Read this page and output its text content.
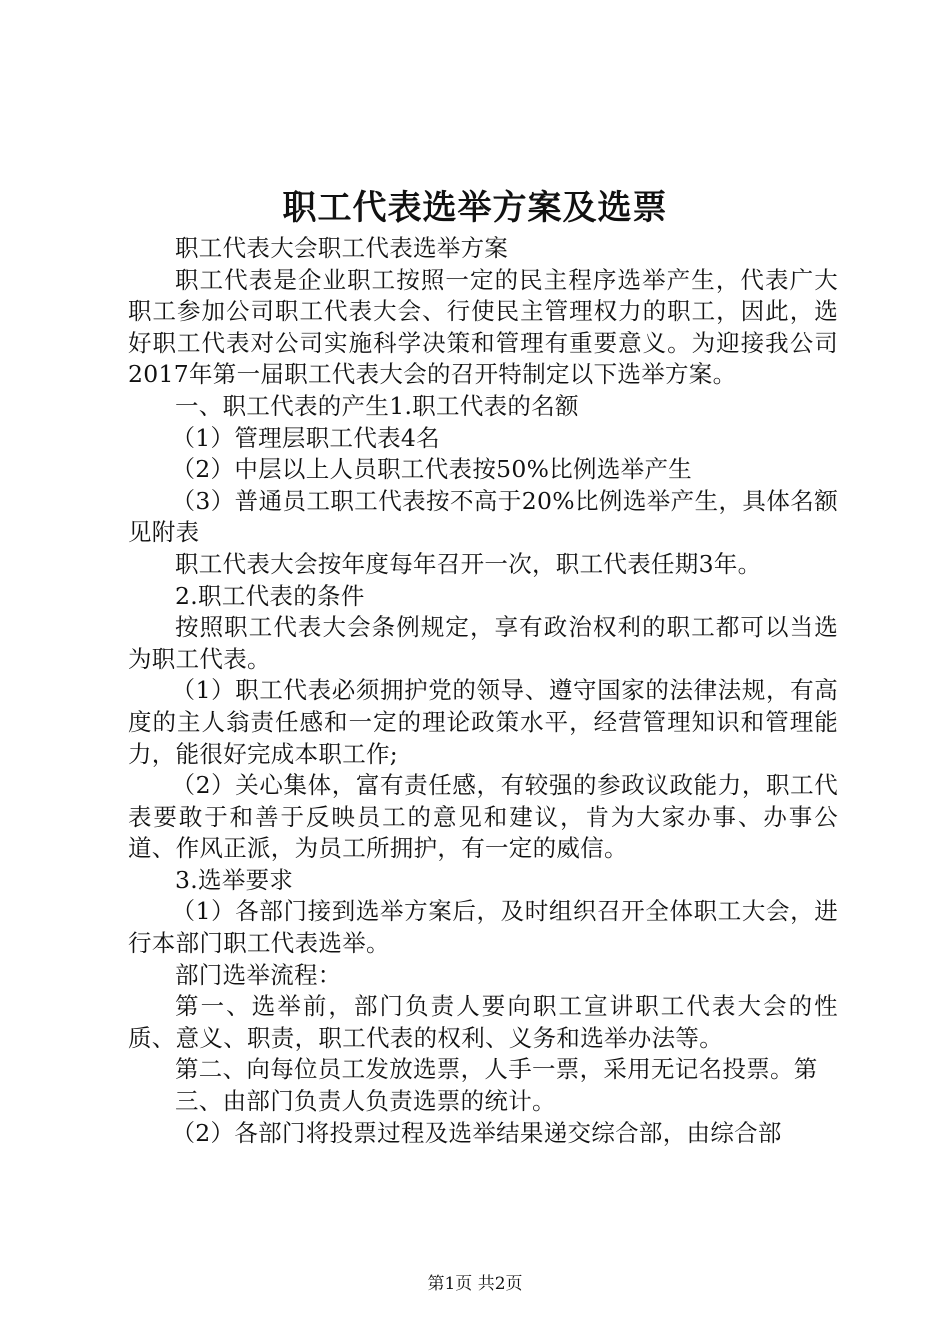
职工代表选举方案及选票

职工代表大会职工代表选举方案

职工代表是企业职工按照一定的民主程序选举产生，代表广大职工参加公司职工代表大会、行使民主管理权力的职工，因此，选好职工代表对公司实施科学决策和管理有重要意义。为迎接我公司2017年第一届职工代表大会的召开特制定以下选举方案。

一、职工代表的产生1.职工代表的名额

（1）管理层职工代表4名

（2）中层以上人员职工代表按50%比例选举产生

（3）普通员工职工代表按不高于20%比例选举产生，具体名额见附表

职工代表大会按年度每年召开一次，职工代表任期3年。

2.职工代表的条件

按照职工代表大会条例规定，享有政治权利的职工都可以当选为职工代表。

（1）职工代表必须拥护党的领导、遵守国家的法律法规，有高度的主人翁责任感和一定的理论政策水平，经营管理知识和管理能力，能很好完成本职工作;

（2）关心集体，富有责任感，有较强的参政议政能力，职工代表要敢于和善于反映员工的意见和建议，肯为大家办事、办事公道、作风正派，为员工所拥护，有一定的威信。

3.选举要求

（1）各部门接到选举方案后，及时组织召开全体职工大会，进行本部门职工代表选举。

部门选举流程：

第一、选举前，部门负责人要向职工宣讲职工代表大会的性质、意义、职责，职工代表的权利、义务和选举办法等。

第二、向每位员工发放选票，人手一票，采用无记名投票。第

三、由部门负责人负责选票的统计。

（2）各部门将投票过程及选举结果递交综合部，由综合部

第1页 共2页
